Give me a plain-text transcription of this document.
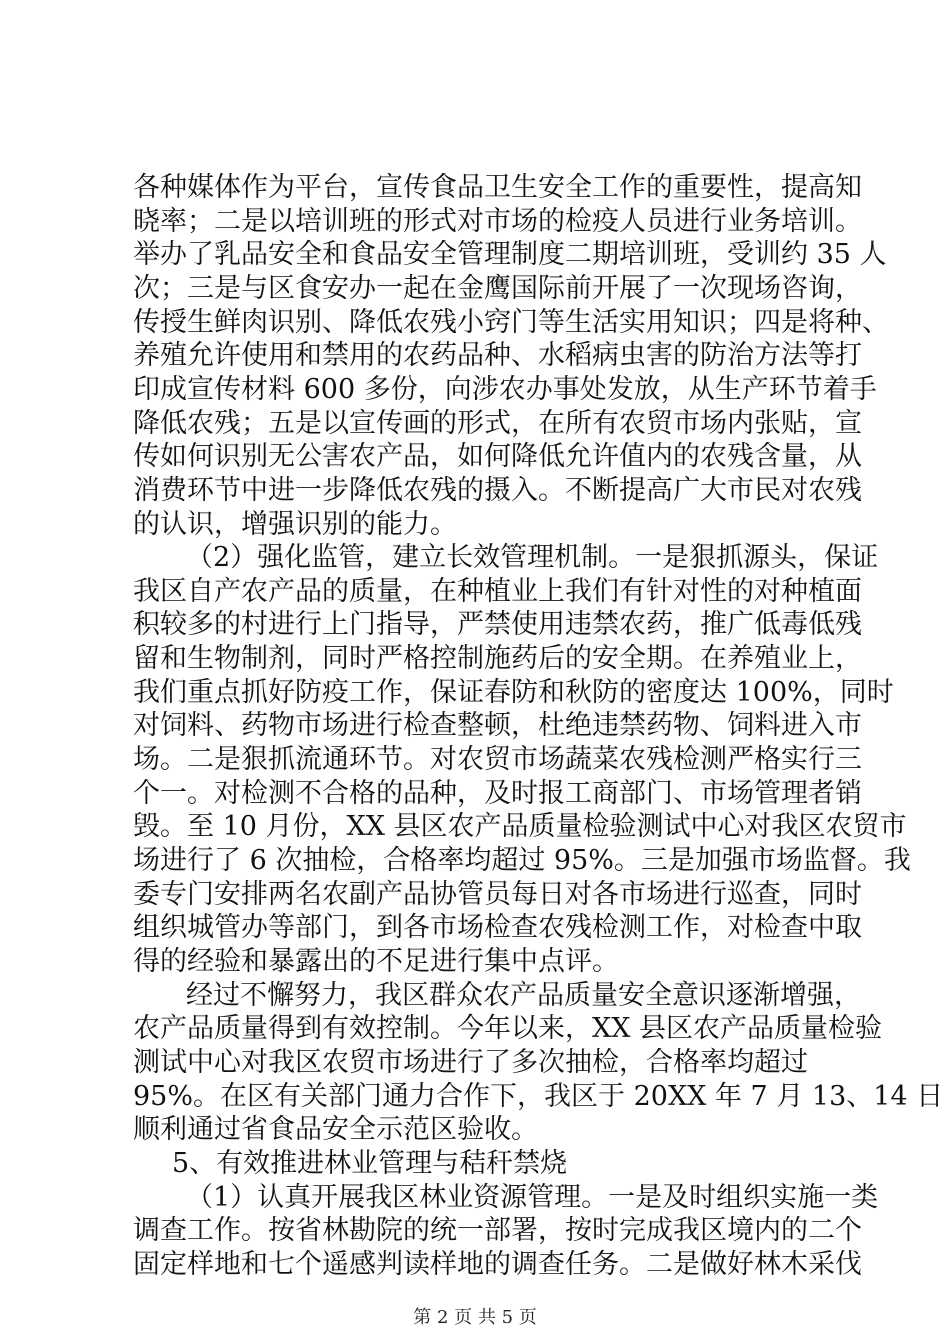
各种媒体作为平台，宣传食品卫生安全工作的重要性，提高知
晓率；二是以培训班的形式对市场的检疫人员进行业务培训。
举办了乳品安全和食品安全管理制度二期培训班，受训约 35 人
次；三是与区食安办一起在金鹰国际前开展了一次现场咨询，
传授生鲜肉识别、降低农残小窍门等生活实用知识；四是将种、
养殖允许使用和禁用的农药品种、水稻病虫害的防治方法等打
印成宣传材料 600 多份，向涉农办事处发放，从生产环节着手
降低农残；五是以宣传画的形式，在所有农贸市场内张贴，宣
传如何识别无公害农产品，如何降低允许值内的农残含量，从
消费环节中进一步降低农残的摄入。不断提高广大市民对农残
的认识，增强识别的能力。
（2）强化监管，建立长效管理机制。一是狠抓源头，保证
我区自产农产品的质量，在种植业上我们有针对性的对种植面
积较多的村进行上门指导，严禁使用违禁农药，推广低毒低残
留和生物制剂，同时严格控制施药后的安全期。在养殖业上，
我们重点抓好防疫工作，保证春防和秋防的密度达 100%，同时
对饲料、药物市场进行检查整顿，杜绝违禁药物、饲料进入市
场。二是狠抓流通环节。对农贸市场蔬菜农残检测严格实行三
个一。对检测不合格的品种，及时报工商部门、市场管理者销
毁。至 10 月份，XX 县区农产品质量检验测试中心对我区农贸市
场进行了 6 次抽检，合格率均超过 95%。三是加强市场监督。我
委专门安排两名农副产品协管员每日对各市场进行巡查，同时
组织城管办等部门，到各市场检查农残检测工作，对检查中取
得的经验和暴露出的不足进行集中点评。
经过不懈努力，我区群众农产品质量安全意识逐渐增强，
农产品质量得到有效控制。今年以来，XX 县区农产品质量检验
测试中心对我区农贸市场进行了多次抽检，合格率均超过
95%。在区有关部门通力合作下，我区于 20XX 年 7 月 13、14 日
顺利通过省食品安全示范区验收。
5、有效推进林业管理与秸秆禁烧
（1）认真开展我区林业资源管理。一是及时组织实施一类
调查工作。按省林勘院的统一部署，按时完成我区境内的二个
固定样地和七个遥感判读样地的调查任务。二是做好林木采伐
第 2 页 共 5 页
